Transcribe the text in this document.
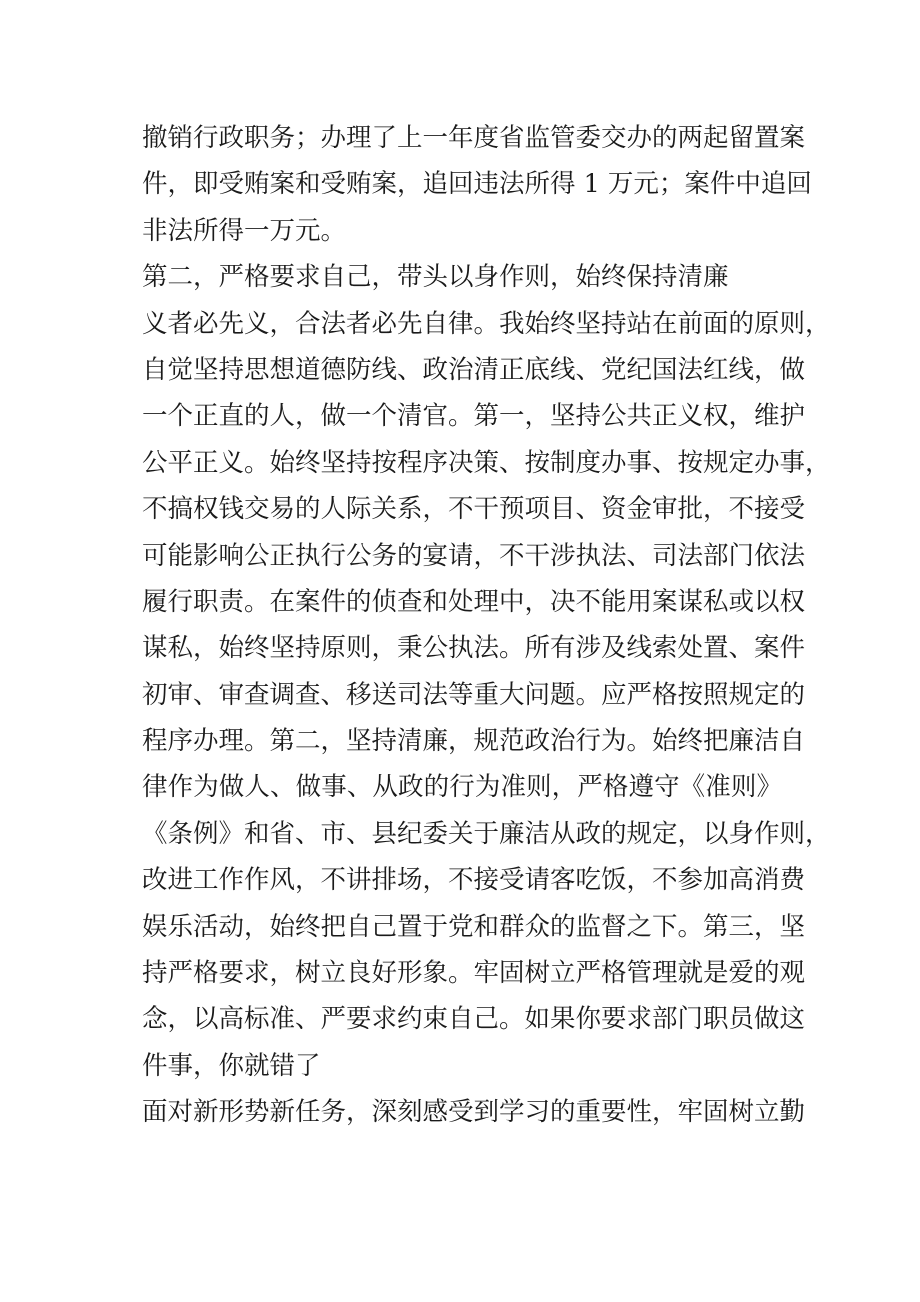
撤销行政职务；办理了上一年度省监管委交办的两起留置案
件，即受贿案和受贿案，追回违法所得 1 万元；案件中追回
非法所得一万元。
第二，严格要求自己，带头以身作则，始终保持清廉
义者必先义，合法者必先自律。我始终坚持站在前面的原则，
自觉坚持思想道德防线、政治清正底线、党纪国法红线，做
一个正直的人，做一个清官。第一，坚持公共正义权，维护
公平正义。始终坚持按程序决策、按制度办事、按规定办事，
不搞权钱交易的人际关系，不干预项目、资金审批，不接受
可能影响公正执行公务的宴请，不干涉执法、司法部门依法
履行职责。在案件的侦查和处理中，决不能用案谋私或以权
谋私，始终坚持原则，秉公执法。所有涉及线索处置、案件
初审、审查调查、移送司法等重大问题。应严格按照规定的
程序办理。第二，坚持清廉，规范政治行为。始终把廉洁自
律作为做人、做事、从政的行为准则，严格遵守《准则》
《条例》和省、市、县纪委关于廉洁从政的规定，以身作则，
改进工作作风，不讲排场，不接受请客吃饭，不参加高消费
娱乐活动，始终把自己置于党和群众的监督之下。第三，坚
持严格要求，树立良好形象。牢固树立严格管理就是爱的观
念，以高标准、严要求约束自己。如果你要求部门职员做这
件事，你就错了
面对新形势新任务，深刻感受到学习的重要性，牢固树立勤
